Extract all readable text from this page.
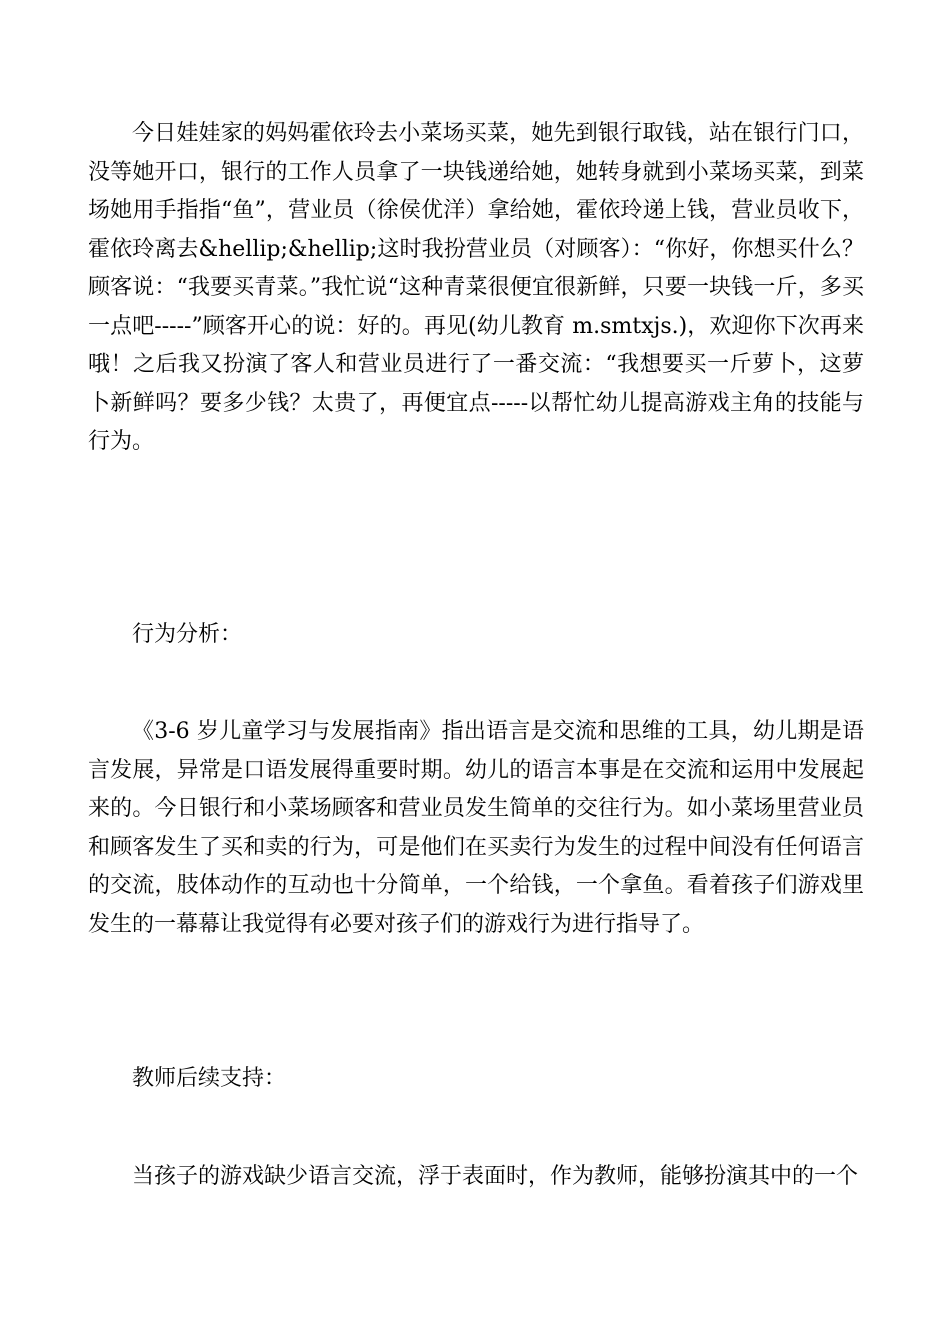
今日娃娃家的妈妈霍依玲去小菜场买菜，她先到银行取钱，站在银行门口，没等她开口，银行的工作人员拿了一块钱递给她，她转身就到小菜场买菜，到菜场她用手指指“鱼”，营业员（徐侯优洋）拿给她，霍依玲递上钱，营业员收下，霍依玲离去&hellip;&hellip;这时我扮营业员（对顾客）：“你好，你想买什么？顾客说：“我要买青菜。”我忙说“这种青菜很便宜很新鲜，只要一块钱一斤，多买一点吧-----”顾客开心的说：好的。再见(幼儿教育 m.smtxjs.)，欢迎你下次再来哦！之后我又扮演了客人和营业员进行了一番交流：“我想要买一斤萝卜，这萝卜新鲜吗？要多少钱？太贵了，再便宜点-----以帮忙幼儿提高游戏主角的技能与行为。

行为分析：

《3-6 岁儿童学习与发展指南》指出语言是交流和思维的工具，幼儿期是语言发展，异常是口语发展得重要时期。幼儿的语言本事是在交流和运用中发展起来的。今日银行和小菜场顾客和营业员发生简单的交往行为。如小菜场里营业员和顾客发生了买和卖的行为，可是他们在买卖行为发生的过程中间没有任何语言的交流，肢体动作的互动也十分简单，一个给钱，一个拿鱼。看着孩子们游戏里发生的一幕幕让我觉得有必要对孩子们的游戏行为进行指导了。

教师后续支持：

当孩子的游戏缺少语言交流，浮于表面时，作为教师，能够扮演其中的一个
